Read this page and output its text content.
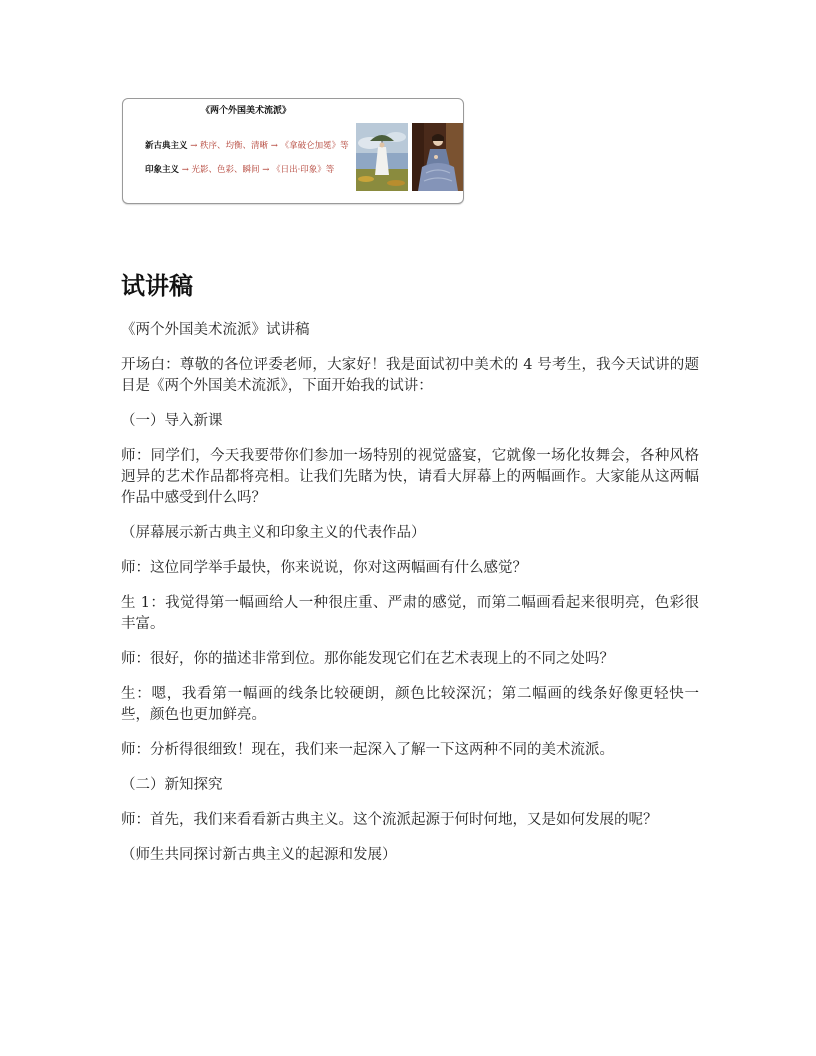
《两个外国美术流派》
新古典主义 → 秩序、均衡、清晰 → 《拿破仑加冕》等
印象主义 → 光影、色彩、瞬间 → 《日出·印象》等
试讲稿

《两个外国美术流派》试讲稿

开场白：尊敬的各位评委老师，大家好！我是面试初中美术的 4 号考生，我今天试讲的题目是《两个外国美术流派》，下面开始我的试讲：

（一）导入新课

师：同学们，今天我要带你们参加一场特别的视觉盛宴，它就像一场化妆舞会，各种风格迥异的艺术作品都将亮相。让我们先睹为快，请看大屏幕上的两幅画作。大家能从这两幅作品中感受到什么吗？

（屏幕展示新古典主义和印象主义的代表作品）

师：这位同学举手最快，你来说说，你对这两幅画有什么感觉？

生 1：我觉得第一幅画给人一种很庄重、严肃的感觉，而第二幅画看起来很明亮，色彩很丰富。

师：很好，你的描述非常到位。那你能发现它们在艺术表现上的不同之处吗？

生：嗯，我看第一幅画的线条比较硬朗，颜色比较深沉；第二幅画的线条好像更轻快一些，颜色也更加鲜亮。

师：分析得很细致！现在，我们来一起深入了解一下这两种不同的美术流派。

（二）新知探究

师：首先，我们来看看新古典主义。这个流派起源于何时何地，又是如何发展的呢？

（师生共同探讨新古典主义的起源和发展）
